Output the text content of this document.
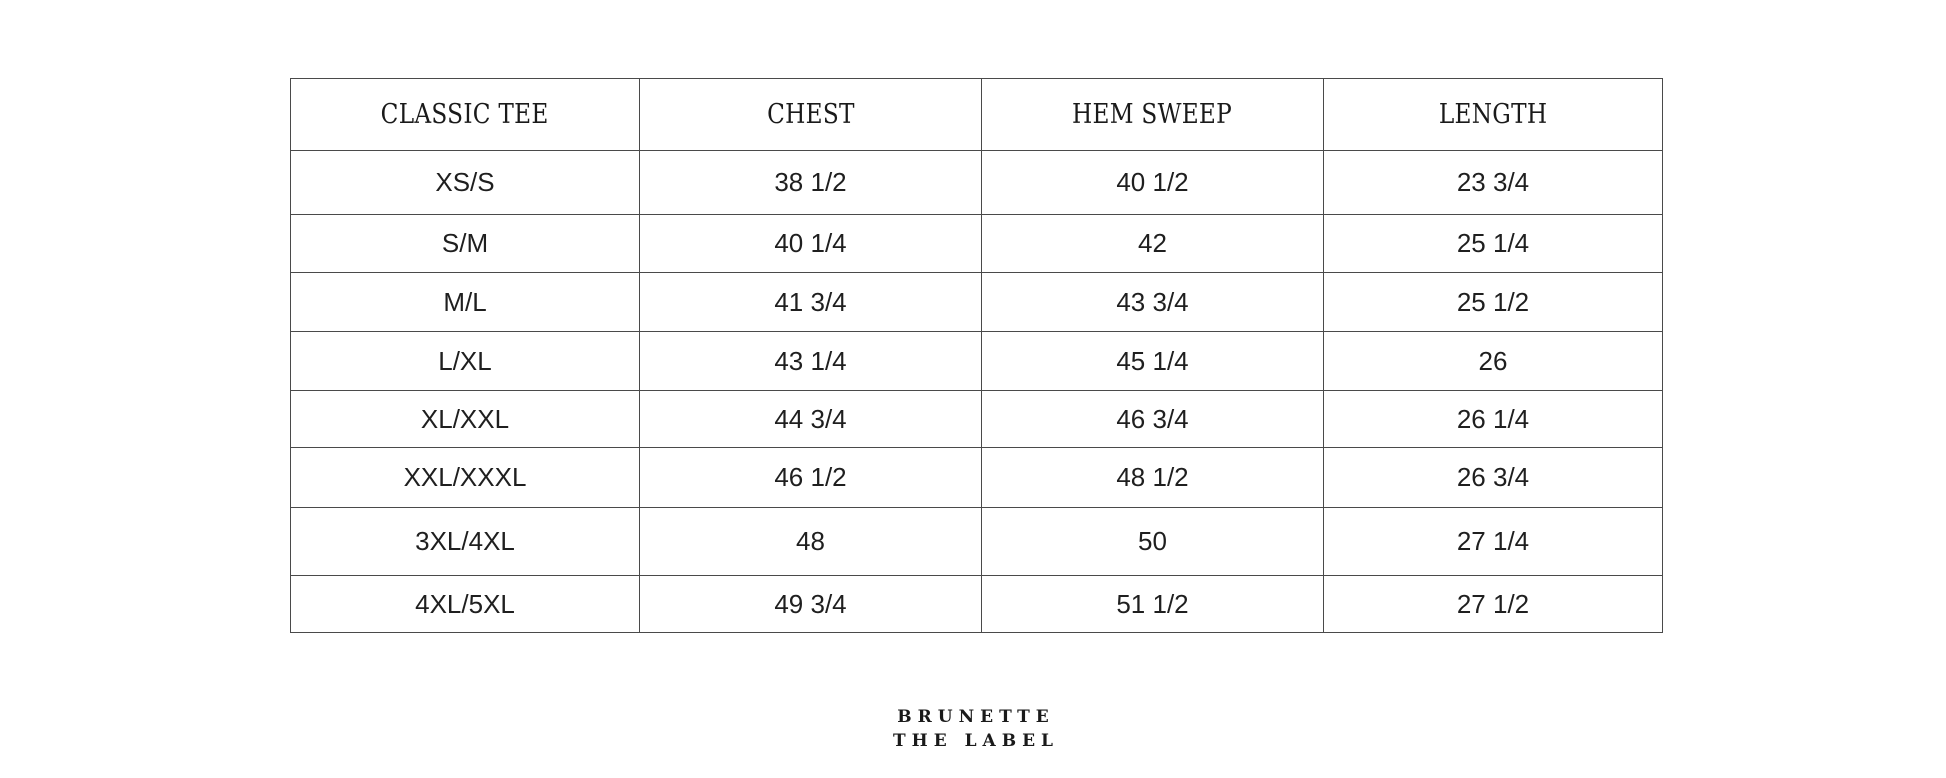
CLASSIC TEE	CHEST	HEM SWEEP	LENGTH
XS/S	38 1/2	40 1/2	23 3/4
S/M	40 1/4	42	25 1/4
M/L	41 3/4	43 3/4	25 1/2
L/XL	43 1/4	45 1/4	26
XL/XXL	44 3/4	46 3/4	26 1/4
XXL/XXXL	46 1/2	48 1/2	26 3/4
3XL/4XL	48	50	27 1/4
4XL/5XL	49 3/4	51 1/2	27 1/2
BRUNETTE
THE LABEL
